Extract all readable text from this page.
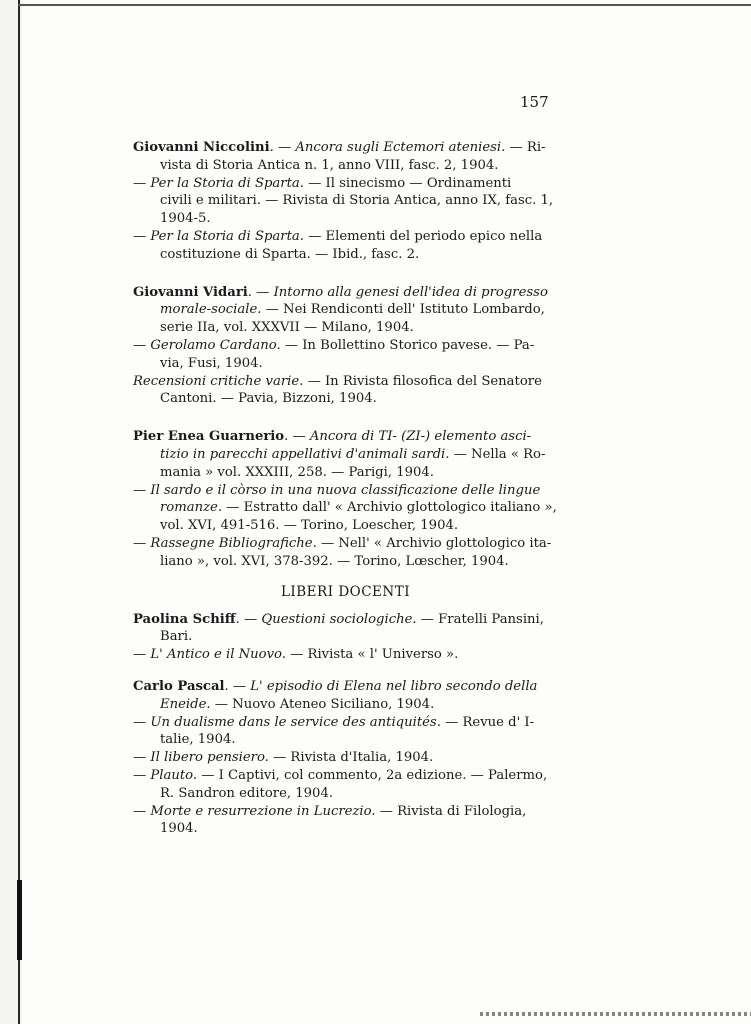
157
Giovanni Niccolini. — Ancora sugli Ectemori ateniesi. — Ri-
vista di Storia Antica n. 1, anno VIII, fasc. 2, 1904.
— Per la Storia di Sparta. — Il sinecismo — Ordinamenti
civili e militari. — Rivista di Storia Antica, anno IX, fasc. 1,
1904-5.
— Per la Storia di Sparta. — Elementi del periodo epico nella
costituzione di Sparta. — Ibid., fasc. 2.
Giovanni Vidari. — Intorno alla genesi dell'idea di progresso
morale-sociale. — Nei Rendiconti dell' Istituto Lombardo,
serie IIa, vol. XXXVII — Milano, 1904.
— Gerolamo Cardano. — In Bollettino Storico pavese. — Pa-
via, Fusi, 1904.
Recensioni critiche varie. — In Rivista filosofica del Senatore
Cantoni. — Pavia, Bizzoni, 1904.
Pier Enea Guarnerio. — Ancora di TI- (ZI-) elemento asci-
tizio in parecchi appellativi d'animali sardi. — Nella « Ro-
mania » vol. XXXIII, 258. — Parigi, 1904.
— Il sardo e il còrso in una nuova classificazione delle lingue
romanze. — Estratto dall' « Archivio glottologico italiano »,
vol. XVI, 491-516. — Torino, Loescher, 1904.
— Rassegne Bibliografiche. — Nell' « Archivio glottologico ita-
liano », vol. XVI, 378-392. — Torino, Lœscher, 1904.
LIBERI DOCENTI
Paolina Schiff. — Questioni sociologiche. — Fratelli Pansini,
Bari.
— L' Antico e il Nuovo. — Rivista « l' Universo ».
Carlo Pascal. — L' episodio di Elena nel libro secondo della
Eneide. — Nuovo Ateneo Siciliano, 1904.
— Un dualisme dans le service des antiquités. — Revue d' I-
talie, 1904.
— Il libero pensiero. — Rivista d'Italia, 1904.
— Plauto. — I Captivi, col commento, 2a edizione. — Palermo,
R. Sandron editore, 1904.
— Morte e resurrezione in Lucrezio. — Rivista di Filologia,
1904.
